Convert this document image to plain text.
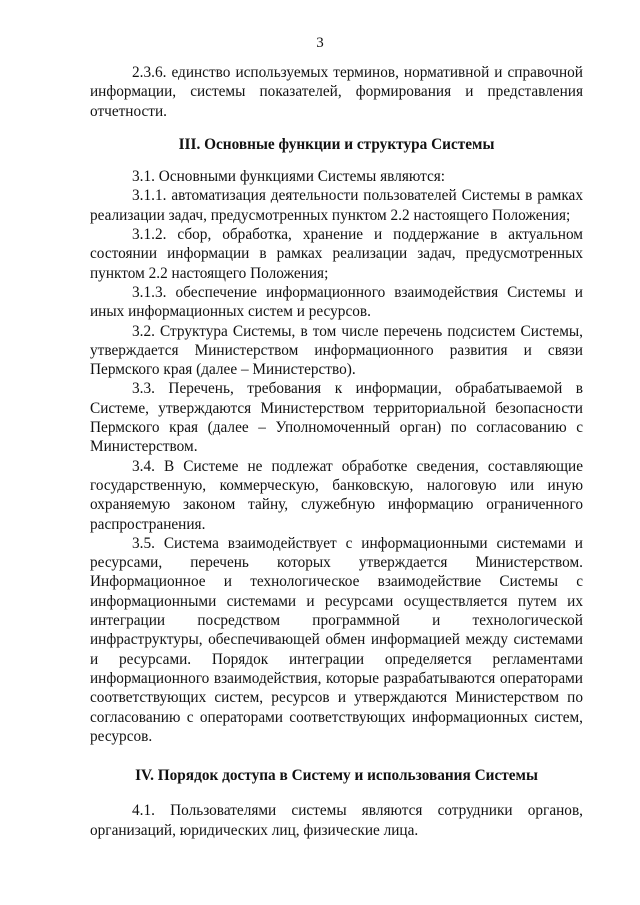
3

2.3.6. единство используемых терминов, нормативной и справочной информации, системы показателей, формирования и представления отчетности.

III. Основные функции и структура Системы

3.1. Основными функциями Системы являются:

3.1.1. автоматизация деятельности пользователей Системы в рамках реализации задач, предусмотренных пунктом 2.2 настоящего Положения;

3.1.2. сбор, обработка, хранение и поддержание в актуальном состоянии информации в рамках реализации задач, предусмотренных пунктом 2.2 настоящего Положения;

3.1.3. обеспечение информационного взаимодействия Системы и иных информационных систем и ресурсов.

3.2. Структура Системы, в том числе перечень подсистем Системы, утверждается Министерством информационного развития и связи Пермского края (далее – Министерство).

3.3. Перечень, требования к информации, обрабатываемой в Системе, утверждаются Министерством территориальной безопасности Пермского края (далее – Уполномоченный орган) по согласованию с Министерством.

3.4. В Системе не подлежат обработке сведения, составляющие государственную, коммерческую, банковскую, налоговую или иную охраняемую законом тайну, служебную информацию ограниченного распространения.

3.5. Система взаимодействует с информационными системами и ресурсами, перечень которых утверждается Министерством. Информационное и технологическое взаимодействие Системы с информационными системами и ресурсами осуществляется путем их интеграции посредством программной и технологической инфраструктуры, обеспечивающей обмен информацией между системами и ресурсами. Порядок интеграции определяется регламентами информационного взаимодействия, которые разрабатываются операторами соответствующих систем, ресурсов и утверждаются Министерством по согласованию с операторами соответствующих информационных систем, ресурсов.

IV. Порядок доступа в Систему и использования Системы

4.1. Пользователями системы являются сотрудники органов, организаций, юридических лиц, физические лица.
